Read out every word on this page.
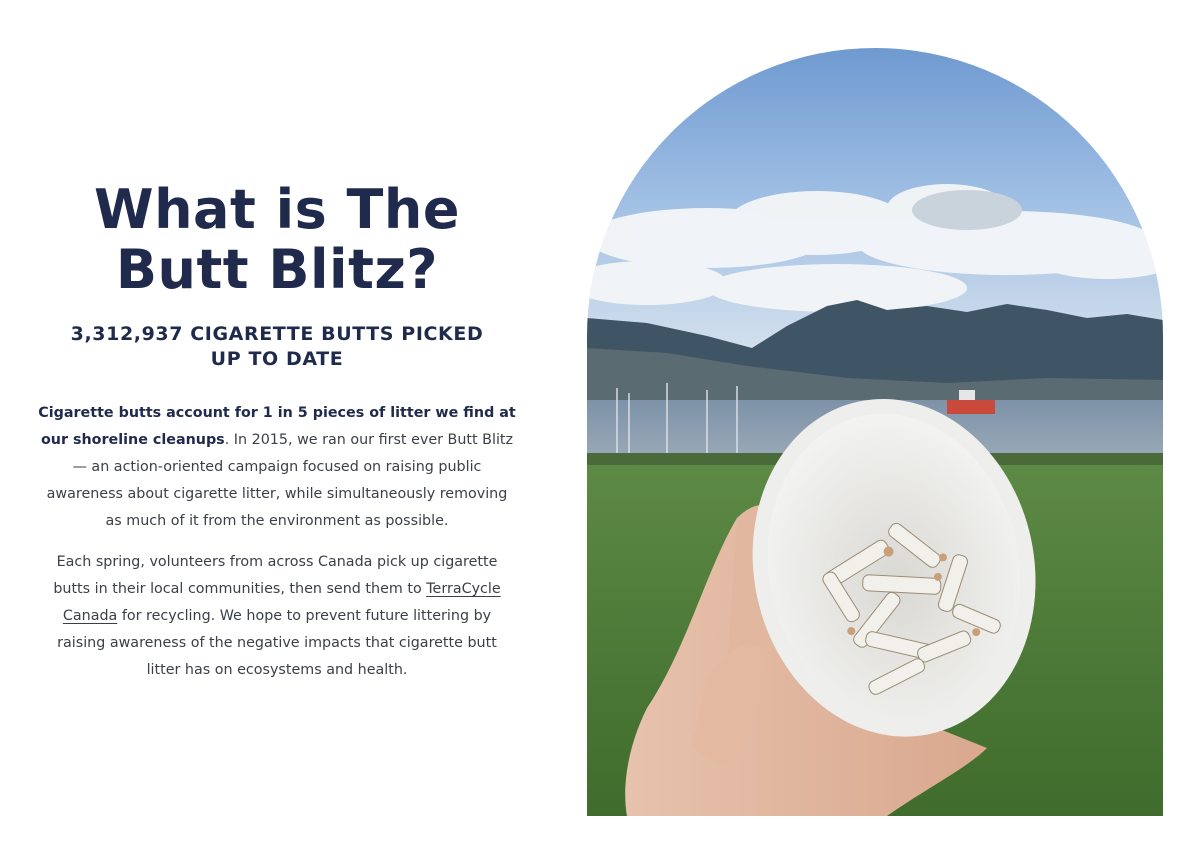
What is The Butt Blitz?
3,312,937 CIGARETTE BUTTS PICKED UP TO DATE

Cigarette butts account for 1 in 5 pieces of litter we find at our shoreline cleanups. In 2015, we ran our first ever Butt Blitz — an action-oriented campaign focused on raising public awareness about cigarette litter, while simultaneously removing as much of it from the environment as possible.

Each spring, volunteers from across Canada pick up cigarette butts in their local communities, then send them to TerraCycle Canada for recycling. We hope to prevent future littering by raising awareness of the negative impacts that cigarette butt litter has on ecosystems and health.
